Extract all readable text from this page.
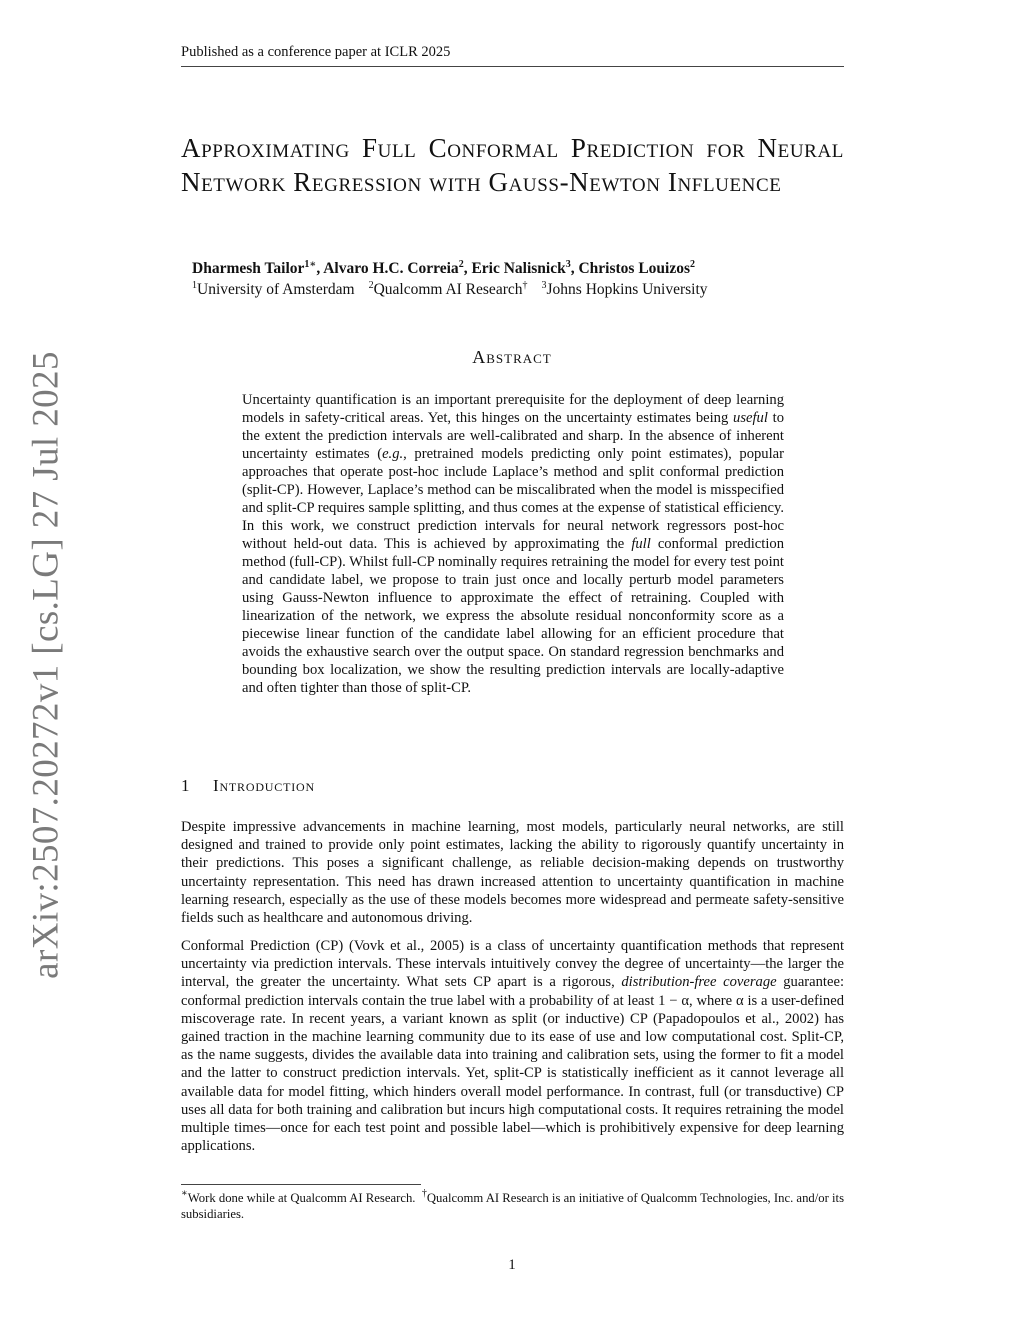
Published as a conference paper at ICLR 2025
arXiv:2507.20272v1 [cs.LG] 27 Jul 2025
Approximating Full Conformal Prediction for Neural Network Regression with Gauss-Newton Influence
Dharmesh Tailor$^{1∗}$, Alvaro H.C. Correia$^2$, Eric Nalisnick$^3$, Christos Louizos$^2$
$^1$University of Amsterdam $^2$Qualcomm AI Research† $^3$Johns Hopkins University
Abstract
Uncertainty quantification is an important prerequisite for the deployment of deep learning models in safety-critical areas. Yet, this hinges on the uncertainty estimates being useful to the extent the prediction intervals are well-calibrated and sharp. In the absence of inherent uncertainty estimates (e.g., pretrained models predicting only point estimates), popular approaches that operate post-hoc include Laplace’s method and split conformal prediction (split-CP). However, Laplace’s method can be miscalibrated when the model is misspecified and split-CP requires sample splitting, and thus comes at the expense of statistical efficiency. In this work, we construct prediction intervals for neural network regressors post-hoc without held-out data. This is achieved by approximating the full conformal prediction method (full-CP). Whilst full-CP nominally requires retraining the model for every test point and candidate label, we propose to train just once and locally perturb model parameters using Gauss-Newton influence to approximate the effect of retraining. Coupled with linearization of the network, we express the absolute residual nonconformity score as a piecewise linear function of the candidate label allowing for an efficient procedure that avoids the exhaustive search over the output space. On standard regression benchmarks and bounding box localization, we show the resulting prediction intervals are locally-adaptive and often tighter than those of split-CP.
1 Introduction
Despite impressive advancements in machine learning, most models, particularly neural networks, are still designed and trained to provide only point estimates, lacking the ability to rigorously quantify uncertainty in their predictions. This poses a significant challenge, as reliable decision-making depends on trustworthy uncertainty representation. This need has drawn increased attention to uncertainty quantification in machine learning research, especially as the use of these models becomes more widespread and permeate safety-sensitive fields such as healthcare and autonomous driving.
Conformal Prediction (CP) (Vovk et al., 2005) is a class of uncertainty quantification methods that represent uncertainty via prediction intervals. These intervals intuitively convey the degree of uncertainty—the larger the interval, the greater the uncertainty. What sets CP apart is a rigorous, distribution-free coverage guarantee: conformal prediction intervals contain the true label with a probability of at least 1 − α, where α is a user-defined miscoverage rate. In recent years, a variant known as split (or inductive) CP (Papadopoulos et al., 2002) has gained traction in the machine learning community due to its ease of use and low computational cost. Split-CP, as the name suggests, divides the available data into training and calibration sets, using the former to fit a model and the latter to construct prediction intervals. Yet, split-CP is statistically inefficient as it cannot leverage all available data for model fitting, which hinders overall model performance. In contrast, full (or transductive) CP uses all data for both training and calibration but incurs high computational costs. It requires retraining the model multiple times—once for each test point and possible label—which is prohibitively expensive for deep learning applications.
∗Work done while at Qualcomm AI Research. †Qualcomm AI Research is an initiative of Qualcomm Technologies, Inc. and/or its subsidiaries.
1
